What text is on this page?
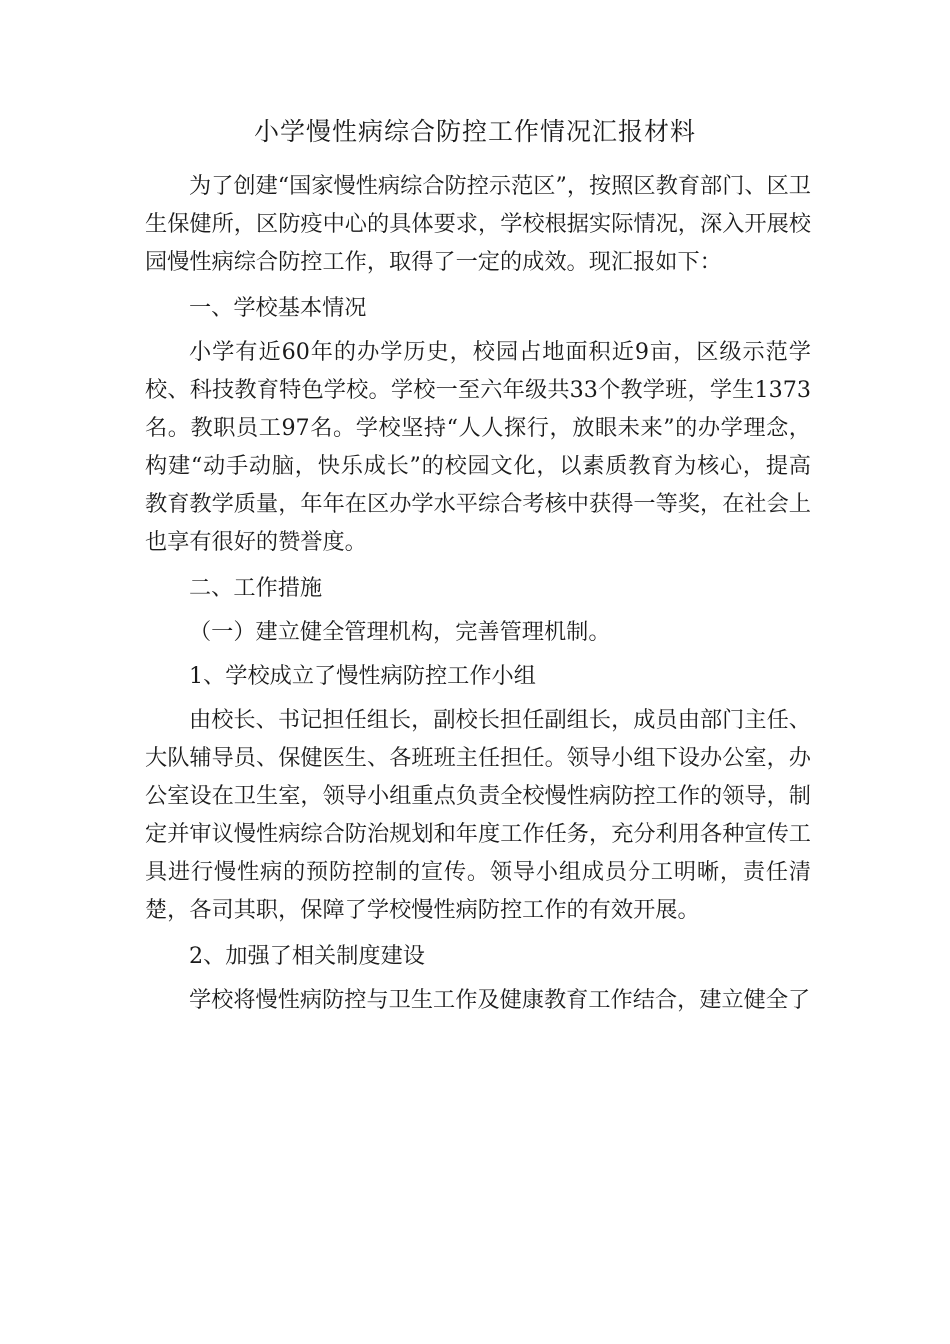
小学慢性病综合防控工作情况汇报材料

为了创建“国家慢性病综合防控示范区”，按照区教育部门、区卫生保健所，区防疫中心的具体要求，学校根据实际情况，深入开展校园慢性病综合防控工作，取得了一定的成效。现汇报如下：

一、学校基本情况

小学有近60年的办学历史，校园占地面积近9亩，区级示范学校、科技教育特色学校。学校一至六年级共33个教学班，学生1373名。教职员工97名。学校坚持“人人探行，放眼未来”的办学理念，构建“动手动脑，快乐成长”的校园文化，以素质教育为核心，提高教育教学质量，年年在区办学水平综合考核中获得一等奖，在社会上也享有很好的赞誉度。

二、工作措施

（一）建立健全管理机构，完善管理机制。

1、学校成立了慢性病防控工作小组

由校长、书记担任组长，副校长担任副组长，成员由部门主任、大队辅导员、保健医生、各班班主任担任。领导小组下设办公室，办公室设在卫生室，领导小组重点负责全校慢性病防控工作的领导，制定并审议慢性病综合防治规划和年度工作任务，充分利用各种宣传工具进行慢性病的预防控制的宣传。领导小组成员分工明晰，责任清楚，各司其职，保障了学校慢性病防控工作的有效开展。

2、加强了相关制度建设

学校将慢性病防控与卫生工作及健康教育工作结合，建立健全了
